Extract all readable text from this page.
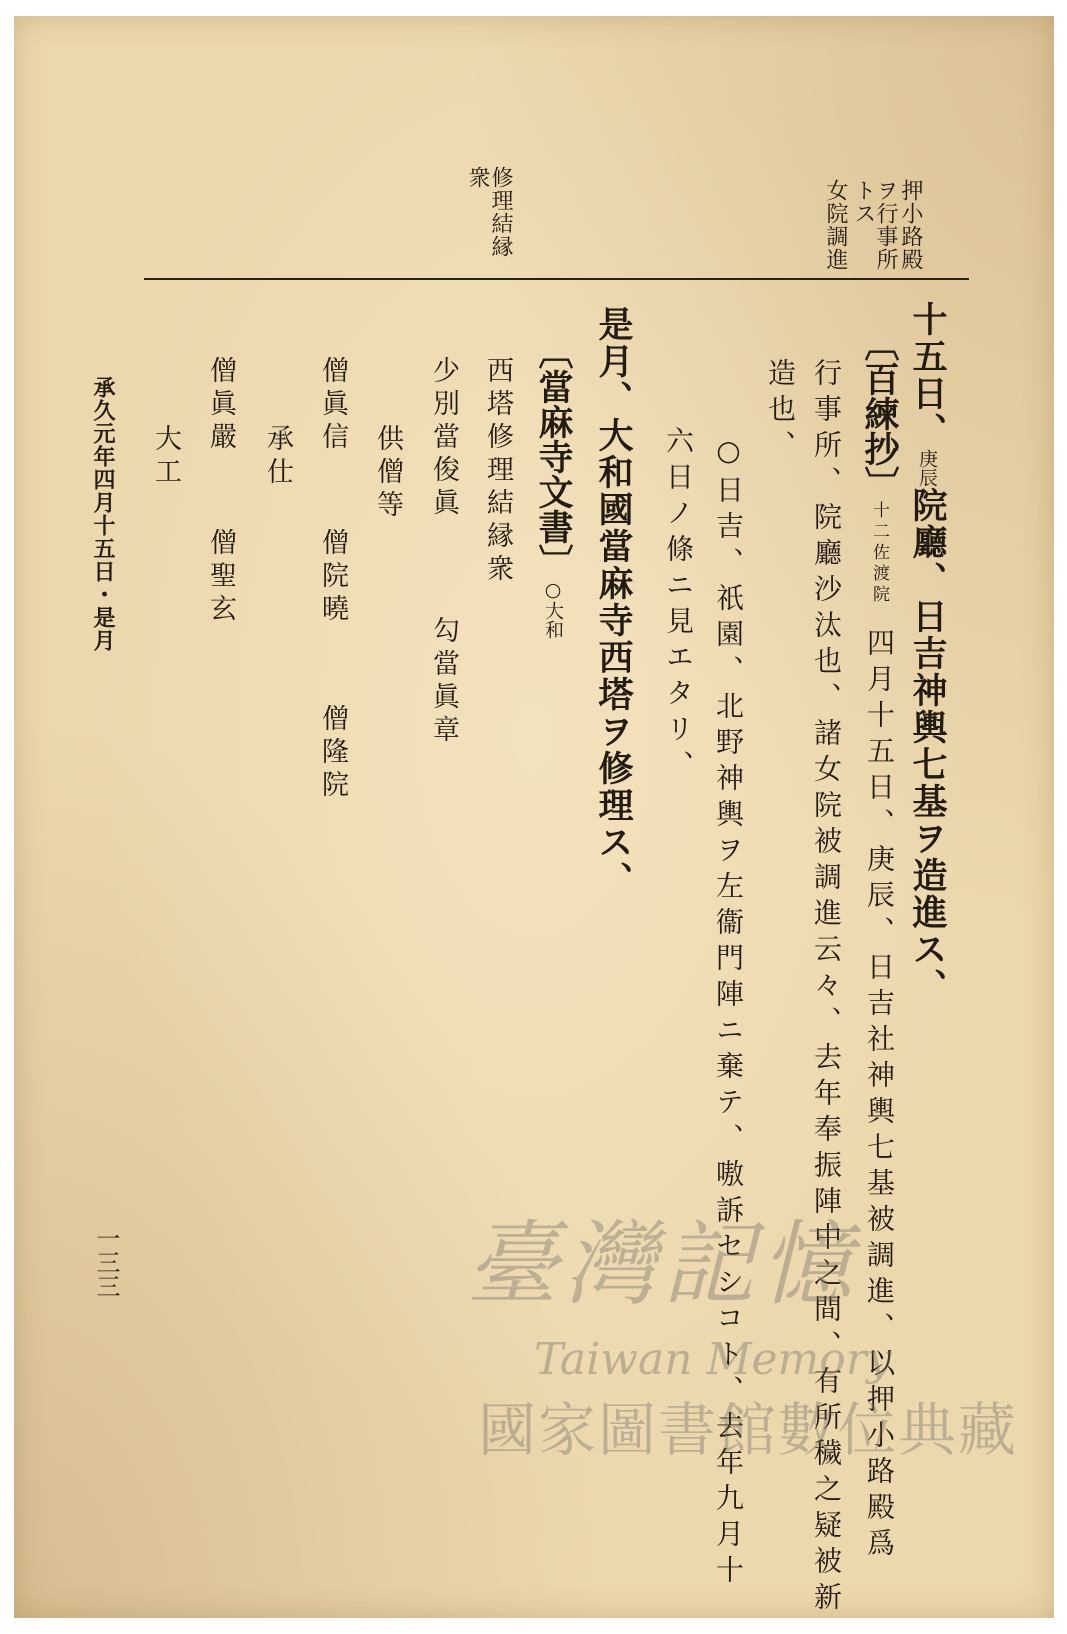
押小路殿
ヲ行事所
トス
女院調進
修理結縁
衆
十五日、庚辰院廳、日吉神輿七基ヲ造進ス、
〔百練抄〕十二佐渡院四月十五日、庚辰、日吉社神輿七基被調進、以押小路殿爲
行事所、院廳沙汰也、諸女院被調進云々、去年奉振陣中之間、有所穢之疑被新
造也、
○日吉、祇園、北野神輿ヲ左衞門陣ニ棄テ、嗷訴セシコト、去年九月十
六日ノ條ニ見エタリ、
是月、大和國當麻寺西塔ヲ修理ス、
〔當麻寺文書〕○大和
西塔修理結縁衆
少別當俊眞
勾當眞章
供僧等
僧眞信
僧院曉
僧隆院
承仕
僧眞嚴
僧聖玄
大工
承久元年四月十五日・是月
一三三	臺灣記憶
Taiwan Memory
國家圖書館數位典藏
